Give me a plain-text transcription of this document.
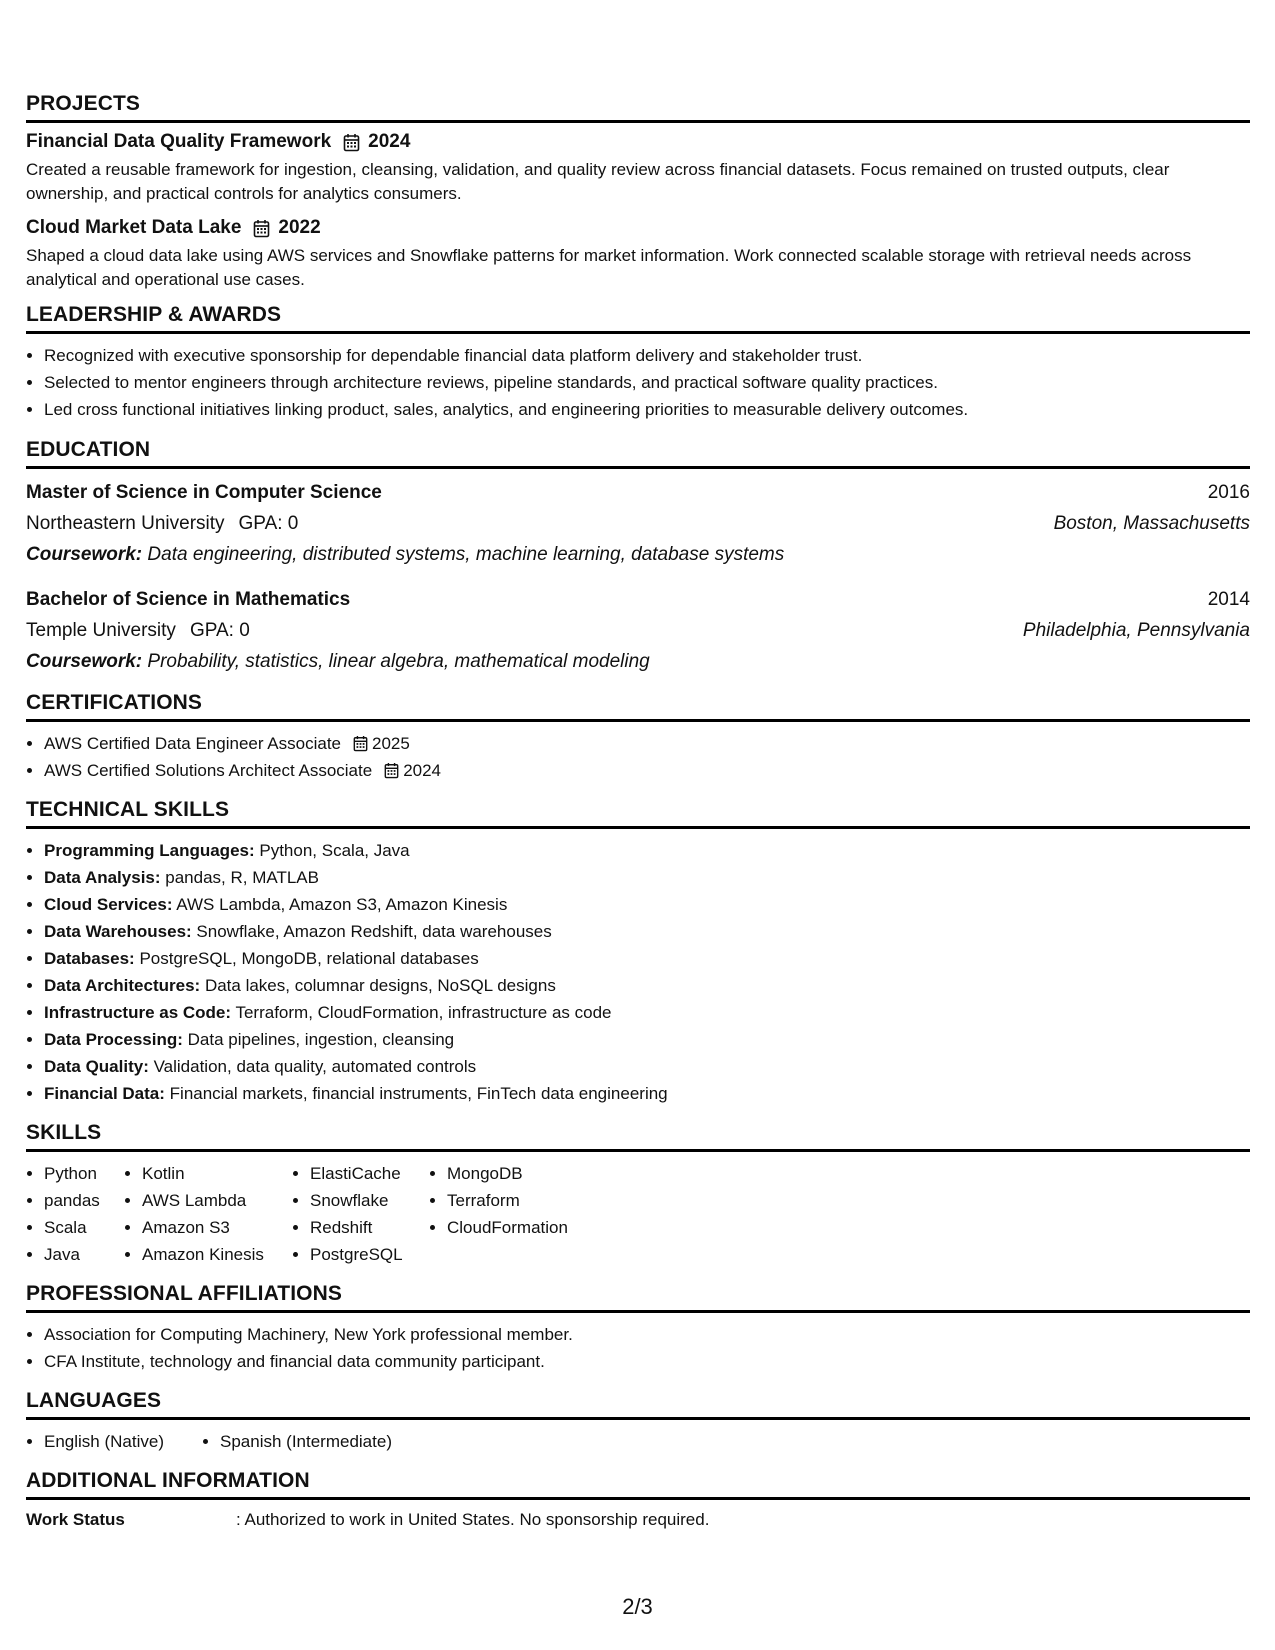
PROJECTS
Financial Data Quality Framework 2024
Created a reusable framework for ingestion, cleansing, validation, and quality review across financial datasets. Focus remained on trusted outputs, clear ownership, and practical controls for analytics consumers.
Cloud Market Data Lake 2022
Shaped a cloud data lake using AWS services and Snowflake patterns for market information. Work connected scalable storage with retrieval needs across analytical and operational use cases.
LEADERSHIP & AWARDS
• Recognized with executive sponsorship for dependable financial data platform delivery and stakeholder trust.
• Selected to mentor engineers through architecture reviews, pipeline standards, and practical software quality practices.
• Led cross functional initiatives linking product, sales, analytics, and engineering priorities to measurable delivery outcomes.
EDUCATION
Master of Science in Computer Science	2016
Northeastern University GPA: 0	Boston, Massachusetts
Coursework: Data engineering, distributed systems, machine learning, database systems
Bachelor of Science in Mathematics	2014
Temple University GPA: 0	Philadelphia, Pennsylvania
Coursework: Probability, statistics, linear algebra, mathematical modeling
CERTIFICATIONS
• AWS Certified Data Engineer Associate 2025
• AWS Certified Solutions Architect Associate 2024
TECHNICAL SKILLS
• Programming Languages: Python, Scala, Java
• Data Analysis: pandas, R, MATLAB
• Cloud Services: AWS Lambda, Amazon S3, Amazon Kinesis
• Data Warehouses: Snowflake, Amazon Redshift, data warehouses
• Databases: PostgreSQL, MongoDB, relational databases
• Data Architectures: Data lakes, columnar designs, NoSQL designs
• Infrastructure as Code: Terraform, CloudFormation, infrastructure as code
• Data Processing: Data pipelines, ingestion, cleansing
• Data Quality: Validation, data quality, automated controls
• Financial Data: Financial markets, financial instruments, FinTech data engineering
SKILLS
• Python
• pandas
• Scala
• Java
• Kotlin
• AWS Lambda
• Amazon S3
• Amazon Kinesis
• ElastiCache
• Snowflake
• Redshift
• PostgreSQL
• MongoDB
• Terraform
• CloudFormation
PROFESSIONAL AFFILIATIONS
• Association for Computing Machinery, New York professional member.
• CFA Institute, technology and financial data community participant.
LANGUAGES
• English (Native)
•	Spanish (Intermediate)
ADDITIONAL INFORMATION
Work Status	: Authorized to work in United States. No sponsorship required.
2/3
